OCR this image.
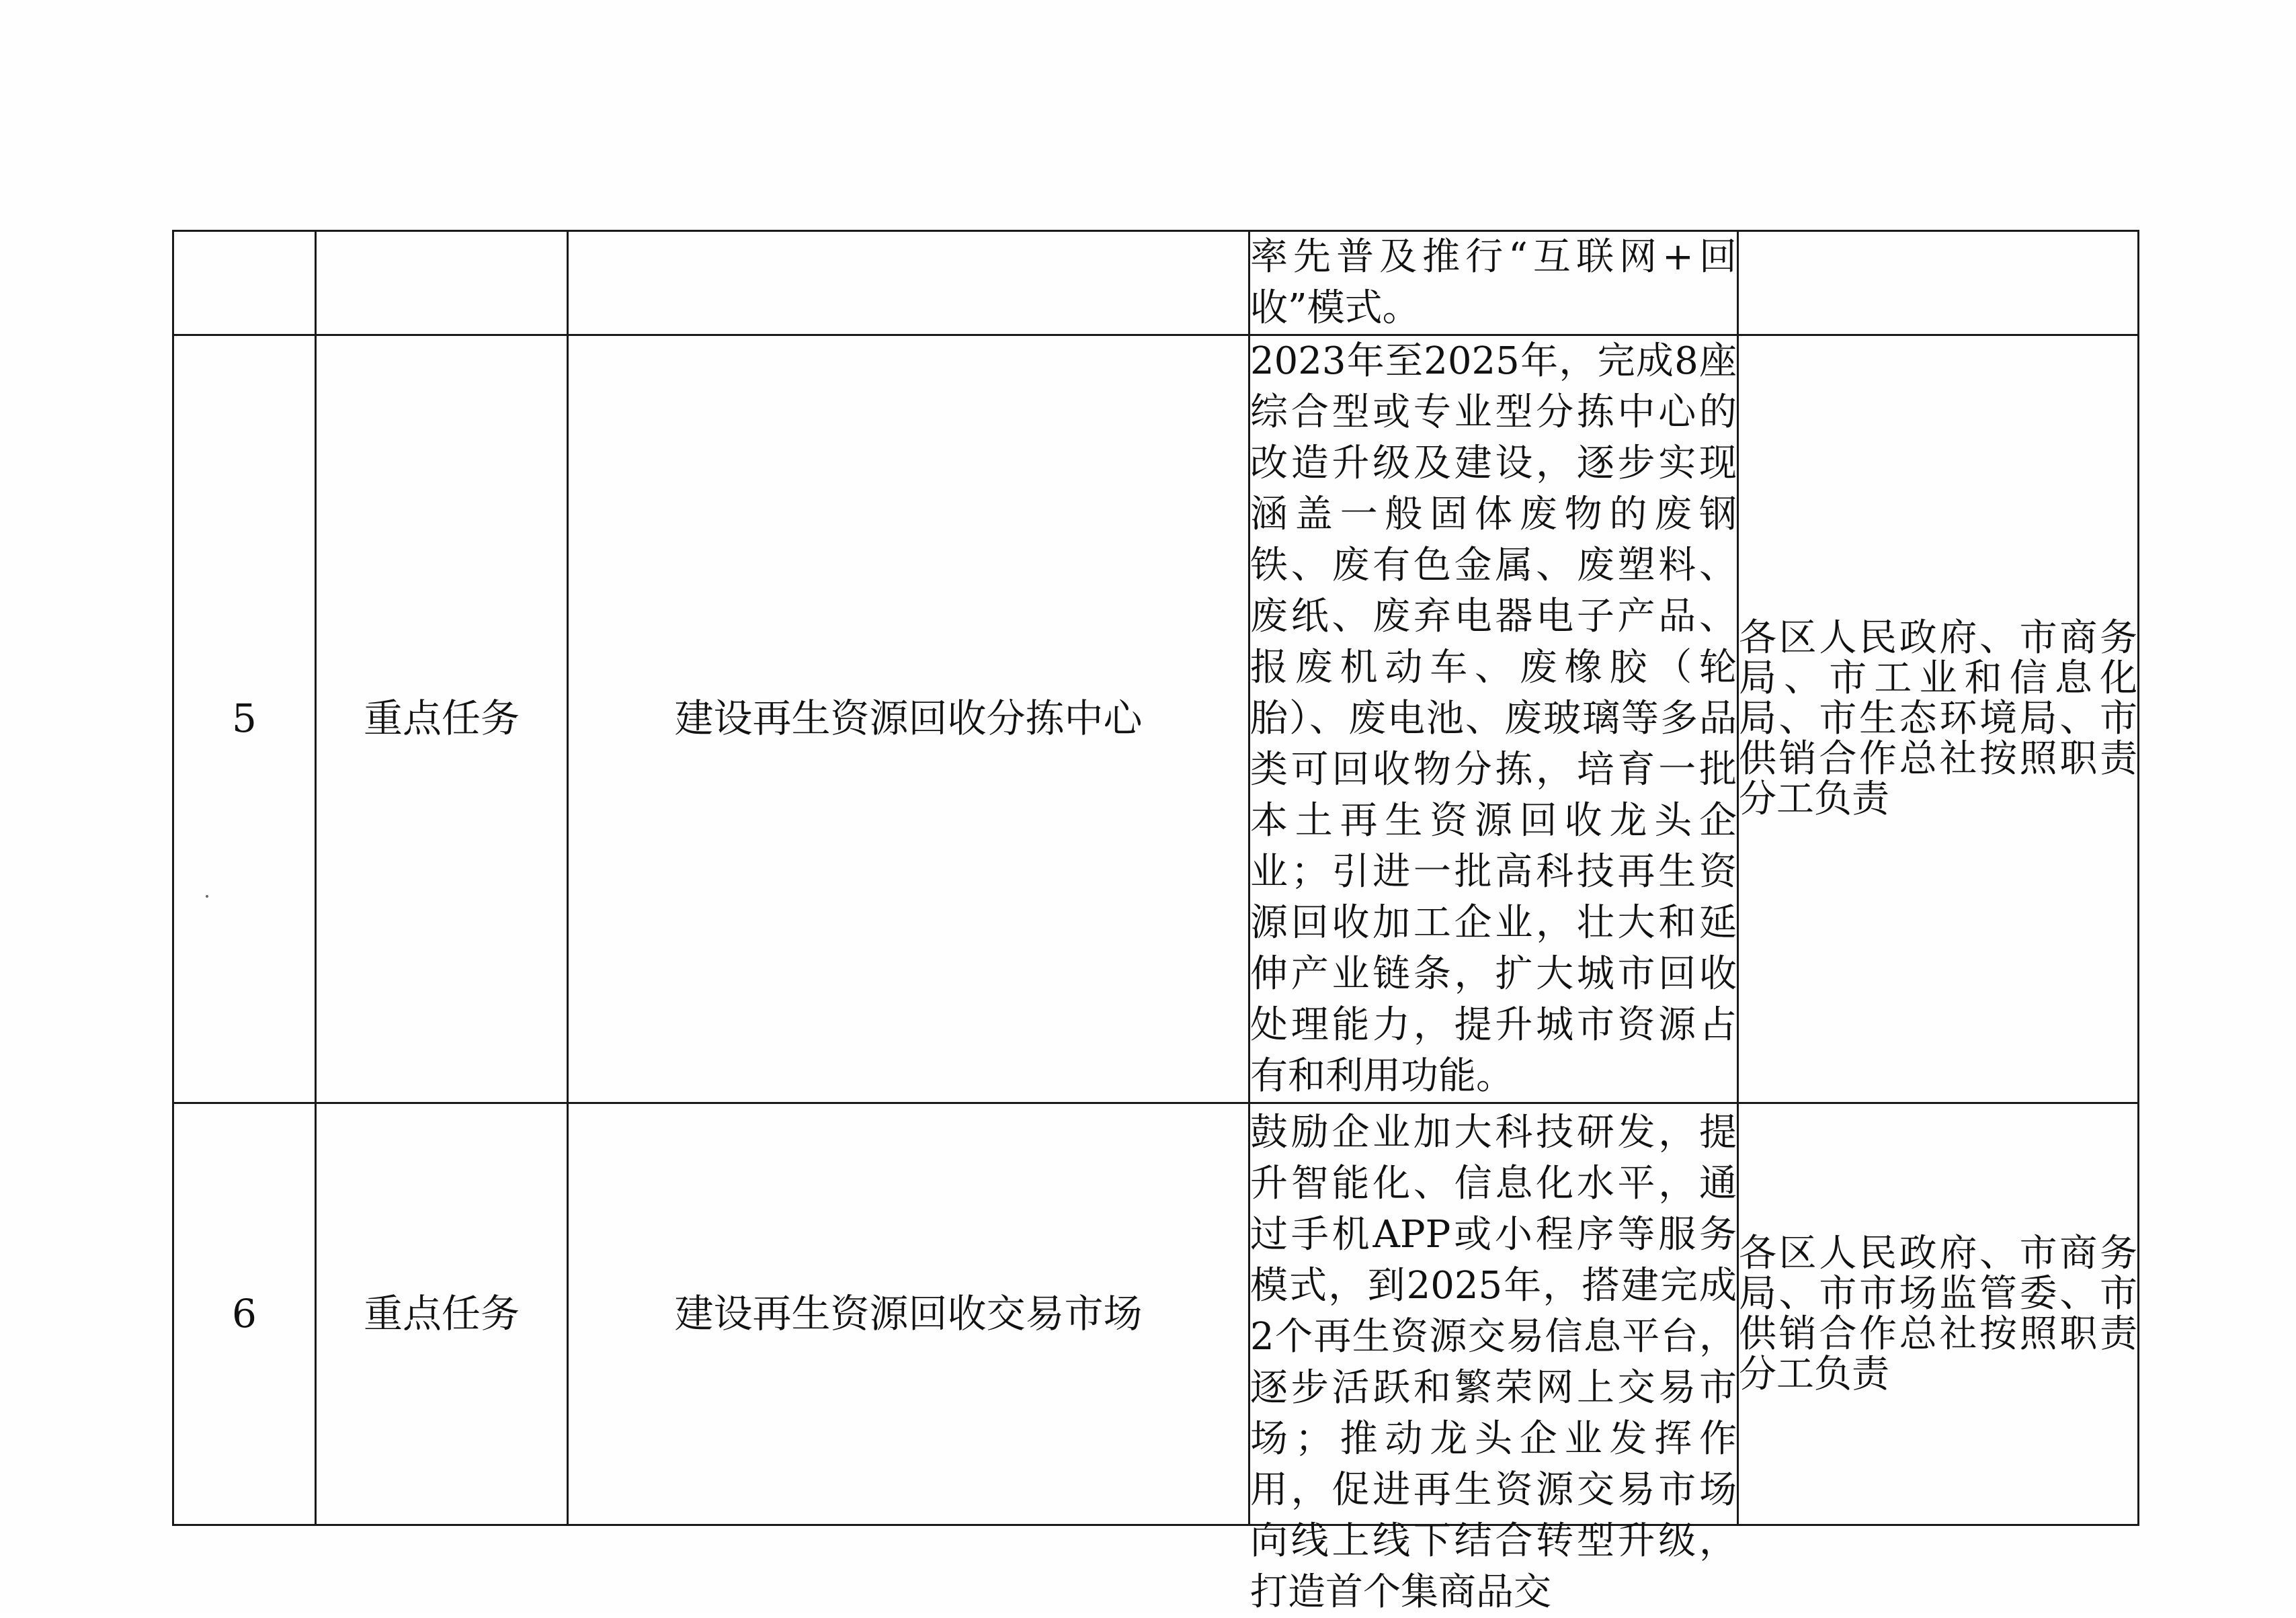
			率先普及推行“互联网+回收”模式。	
5	重点任务	建设再生资源回收分拣中心	2023年至2025年，完成8座综合型或专业型分拣中心的改造升级及建设，逐步实现涵盖一般固体废物的废钢铁、废有色金属、废塑料、废纸、废弃电器电子产品、报废机动车、废橡胶（轮胎）、废电池、废玻璃等多品类可回收物分拣，培育一批本土再生资源回收龙头企业；引进一批高科技再生资源回收加工企业，壮大和延伸产业链条，扩大城市回收处理能力，提升城市资源占有和利用功能。	各区人民政府、市商务局、市工业和信息化局、市生态环境局、市供销合作总社按照职责分工负责
6	重点任务	建设再生资源回收交易市场	鼓励企业加大科技研发，提升智能化、信息化水平，通过手机APP或小程序等服务模式，到2025年，搭建完成2个再生资源交易信息平台，逐步活跃和繁荣网上交易市场；推动龙头企业发挥作用，促进再生资源交易市场向线上线下结合转型升级，打造首个集商品交	各区人民政府、市商务局、市市场监管委、市供销合作总社按照职责分工负责
